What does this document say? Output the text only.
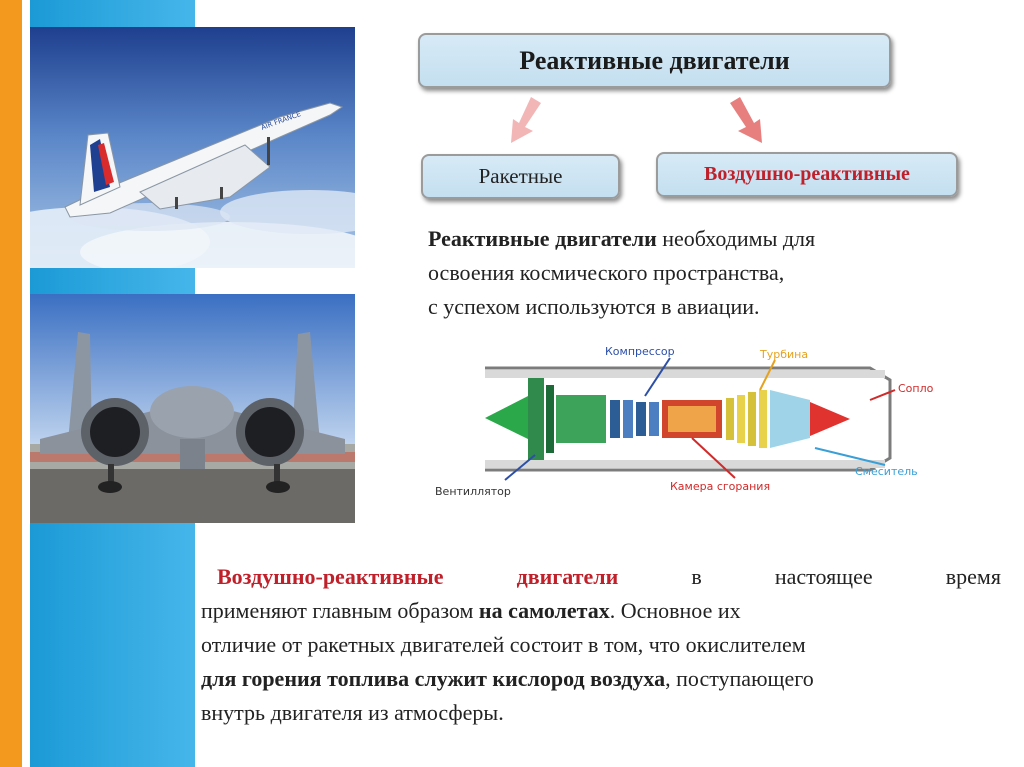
AIR FRANCE
Реактивные двигатели
Ракетные	Воздушно-реактивные
Реактивные двигатели необходимы для
освоения космического пространства,
с успехом используются в авиации.
Компрессор	Турбина
Сопло
Вентиллятор	Камера сгорания
Смеситель
Воздушно-реактивные	двигатели	в	настоящее	время
применяют главным образом на самолетах. Основное их
отличие от ракетных двигателей состоит в том, что окислителем
для горения топлива служит кислород воздуха, поступающего
внутрь двигателя из атмосферы.
